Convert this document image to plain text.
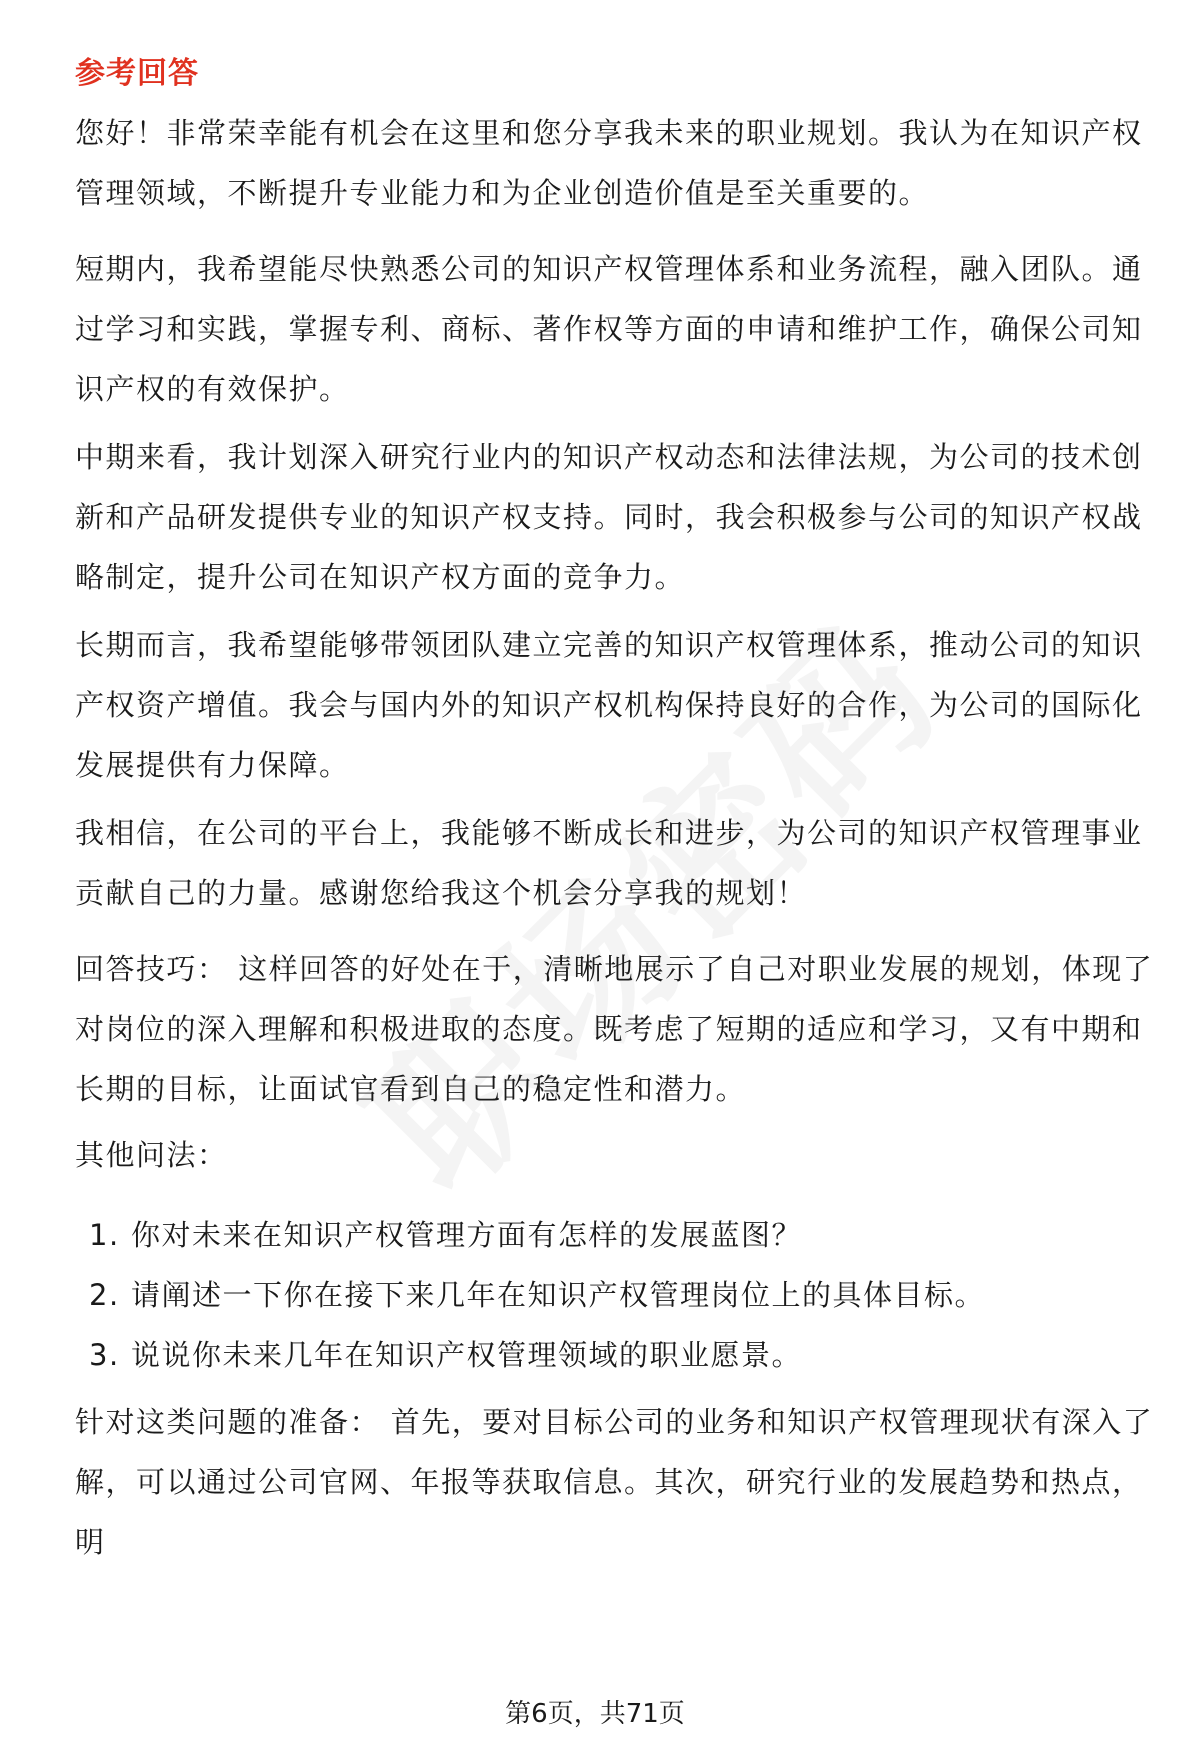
参考回答

您好！非常荣幸能有机会在这里和您分享我未来的职业规划。我认为在知识产权管理领域，不断提升专业能力和为企业创造价值是至关重要的。

短期内，我希望能尽快熟悉公司的知识产权管理体系和业务流程，融入团队。通过学习和实践，掌握专利、商标、著作权等方面的申请和维护工作，确保公司知识产权的有效保护。

中期来看，我计划深入研究行业内的知识产权动态和法律法规，为公司的技术创新和产品研发提供专业的知识产权支持。同时，我会积极参与公司的知识产权战略制定，提升公司在知识产权方面的竞争力。

长期而言，我希望能够带领团队建立完善的知识产权管理体系，推动公司的知识产权资产增值。我会与国内外的知识产权机构保持良好的合作，为公司的国际化发展提供有力保障。

我相信，在公司的平台上，我能够不断成长和进步，为公司的知识产权管理事业贡献自己的力量。感谢您给我这个机会分享我的规划！

回答技巧： 这样回答的好处在于，清晰地展示了自己对职业发展的规划，体现了对岗位的深入理解和积极进取的态度。既考虑了短期的适应和学习，又有中期和长期的目标，让面试官看到自己的稳定性和潜力。

其他问法：

1. 你对未来在知识产权管理方面有怎样的发展蓝图？
2. 请阐述一下你在接下来几年在知识产权管理岗位上的具体目标。
3. 说说你未来几年在知识产权管理领域的职业愿景。

针对这类问题的准备： 首先，要对目标公司的业务和知识产权管理现状有深入了解，可以通过公司官网、年报等获取信息。其次，研究行业的发展趋势和热点，明

第6页，共71页
